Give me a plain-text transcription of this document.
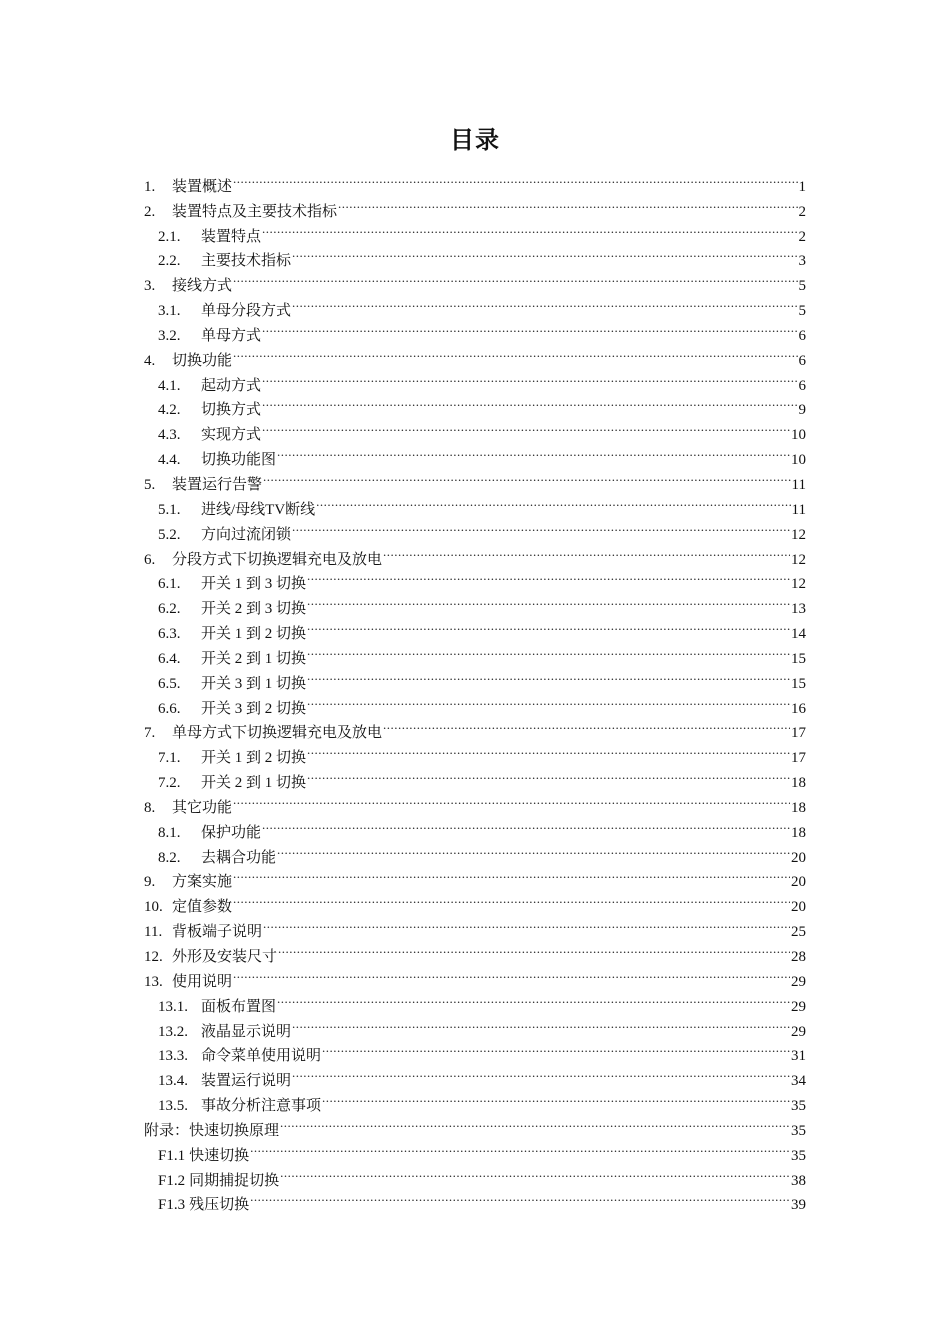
目录
1.	装置概述 .....	1
2.	装置特点及主要技术指标 .....	2
2.1.	装置特点 .....	2
2.2.	主要技术指标 .....	3
3.	接线方式 .....	5
3.1.	单母分段方式 .....	5
3.2.	单母方式 .....	6
4.	切换功能 .....	6
4.1.	起动方式 .....	6
4.2.	切换方式 .....	9
4.3.	实现方式 .....	10
4.4.	切换功能图 .....	10
5.	装置运行告警 .....	11
5.1.	进线/母线TV断线 .....	11
5.2.	方向过流闭锁 .....	12
6.	分段方式下切换逻辑充电及放电 .....	12
6.1.	开关 1 到 3 切换 .....	12
6.2.	开关 2 到 3 切换 .....	13
6.3.	开关 1 到 2 切换 .....	14
6.4.	开关 2 到 1 切换 .....	15
6.5.	开关 3 到 1 切换 .....	15
6.6.	开关 3 到 2 切换 .....	16
7.	单母方式下切换逻辑充电及放电 .....	17
7.1.	开关 1 到 2 切换 .....	17
7.2.	开关 2 到 1 切换 .....	18
8.	其它功能 .....	18
8.1.	保护功能 .....	18
8.2.	去耦合功能 .....	20
9.	方案实施 .....	20
10. 定值参数 .....	20
11. 背板端子说明 .....	25
12. 外形及安装尺寸 .....	28
13. 使用说明 .....	29
13.1. 面板布置图 .....	29
13.2. 液晶显示说明 .....	29
13.3. 命令菜单使用说明 .....	31
13.4. 装置运行说明 .....	34
13.5. 事故分析注意事项 .....	35
附录：快速切换原理 .....	35
F1.1 快速切换 .....	35
F1.2 同期捕捉切换 .....	38
F1.3 残压切换 .....	39
